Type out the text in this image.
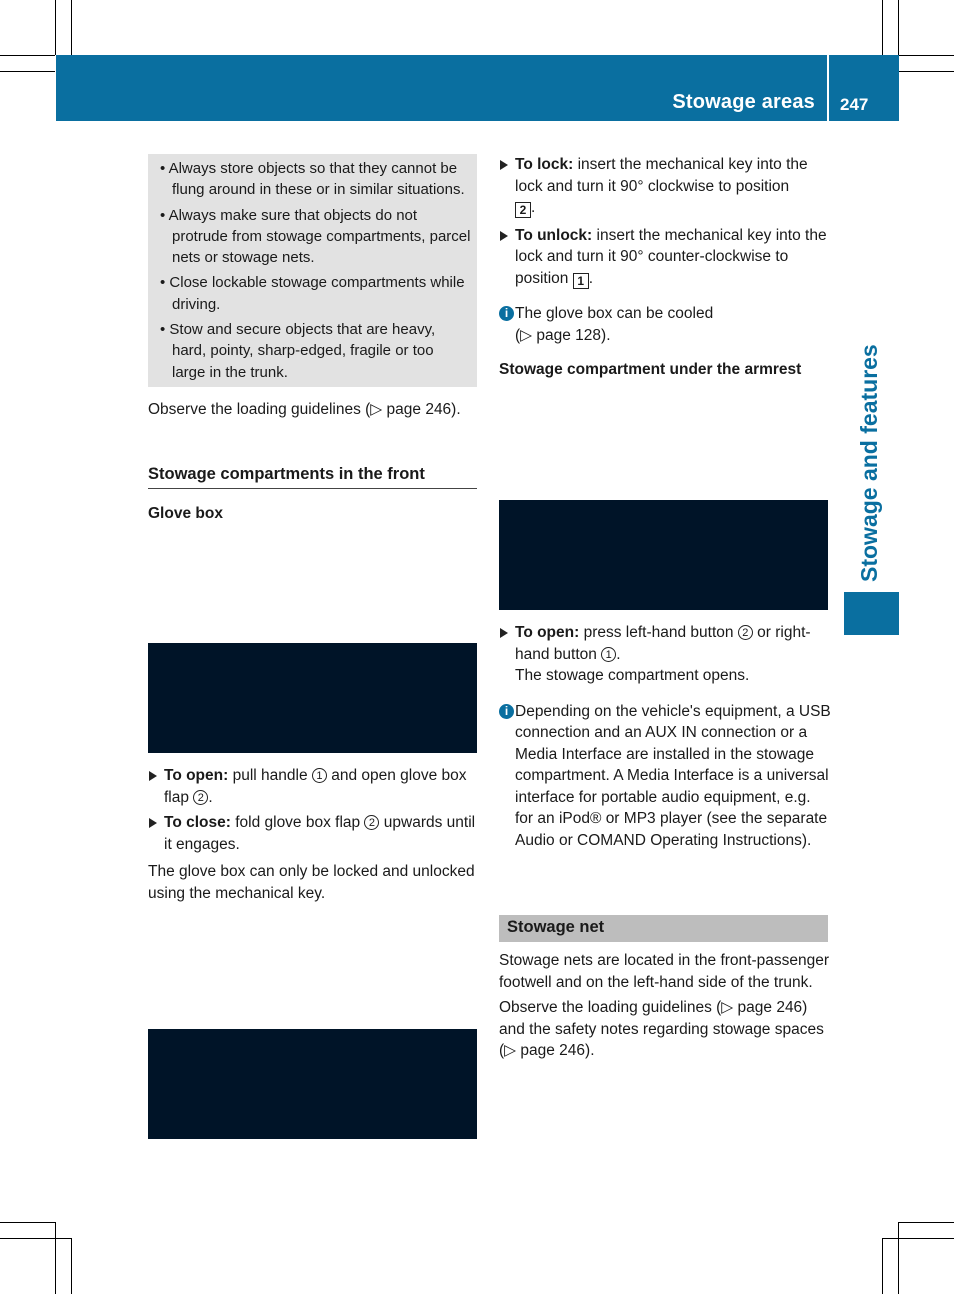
Stowage areas 247
Stowage and features

• Always store objects so that they cannot be flung around in these or in similar situations.

• Always make sure that objects do not protrude from stowage compartments, parcel nets or stowage nets.

• Close lockable stowage compartments while driving.

• Stow and secure objects that are heavy, hard, pointy, sharp-edged, fragile or too large in the trunk.

Observe the loading guidelines (▷ page 246).

Stowage compartments in the front

Glove box

➚	➚
To open: pull handle 1 and open glove box flap 2 .
To close: fold glove box flap 2 upwards until it engages.

The glove box can only be locked and unlocked using the mechanical key.

ı_	ı_
To lock: insert the mechanical key into the lock and turn it 90° clockwise to position
2 .
To unlock: insert the mechanical key into the lock and turn it 90° counter-clockwise to position 1 .
i The glove box can be cooled
(▷ page 128).

Stowage compartment under the armrest

➘ ↷
➚
➘ ↷
➚
To open: press left-hand button 2 or right-hand button 1 .
The stowage compartment opens.
i Depending on the vehicle's equipment, a USB connection and an AUX IN connection or a Media Interface are installed in the stowage compartment. A Media Interface is a universal interface for portable audio equipment, e.g. for an iPod® or MP3 player (see the separate Audio or COMAND Operating Instructions).
Stowage net

Stowage nets are located in the front-passenger footwell and on the left-hand side of the trunk.

Observe the loading guidelines (▷ page 246) and the safety notes regarding stowage spaces (▷ page 246).
